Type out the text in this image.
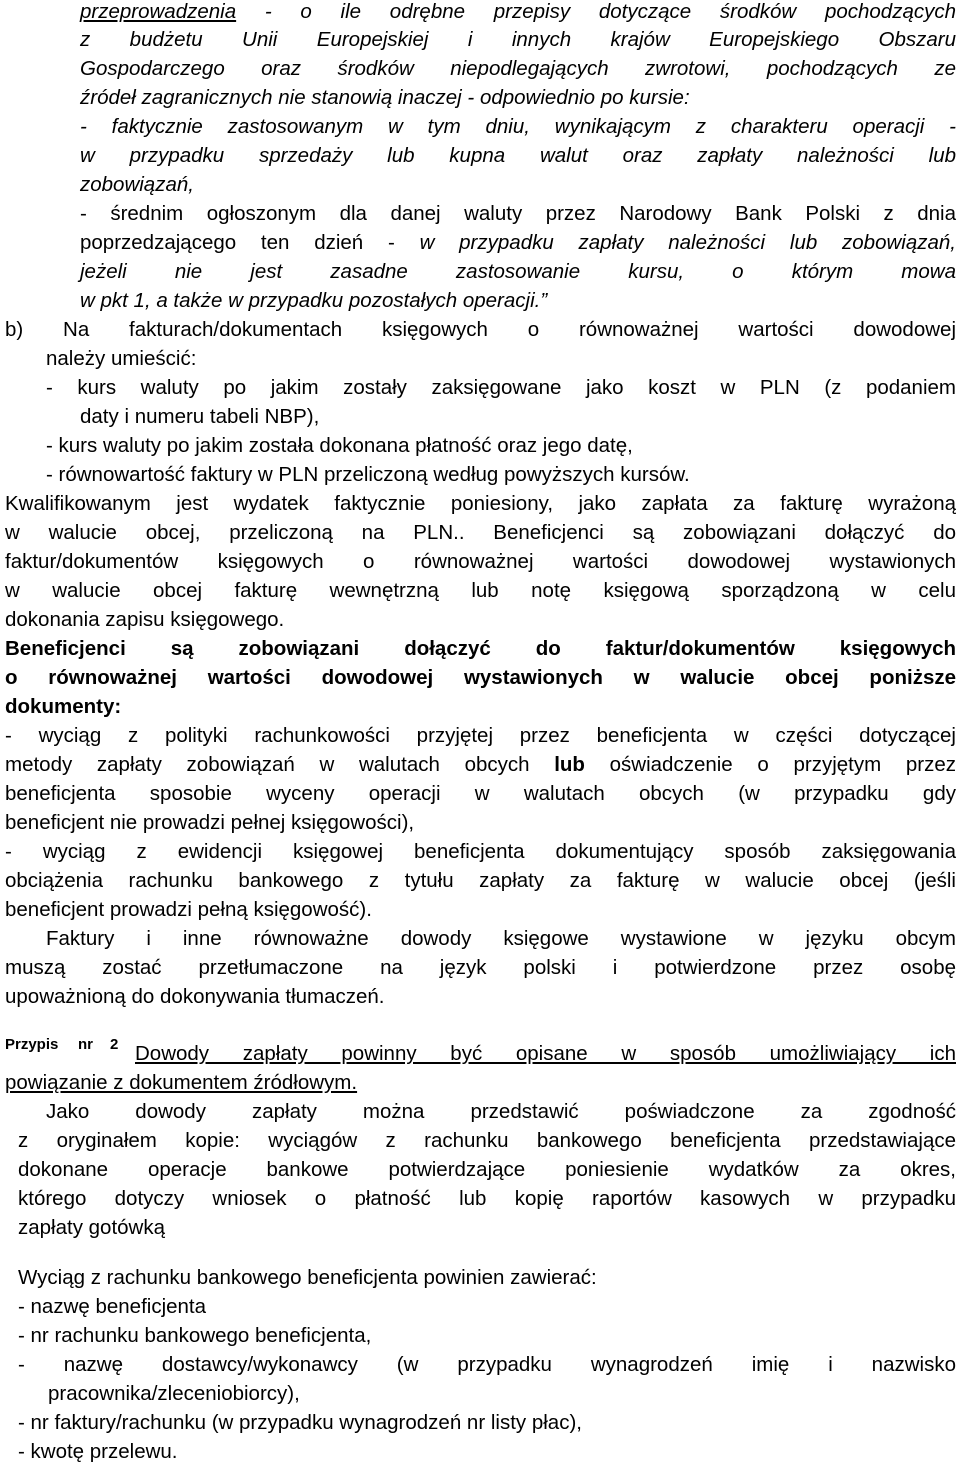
przeprowadzenia - o ile odrębne przepisy dotyczące środków pochodzących
z budżetu Unii Europejskiej i innych krajów Europejskiego Obszaru
Gospodarczego oraz środków niepodlegających zwrotowi, pochodzących ze
źródeł zagranicznych nie stanowią inaczej - odpowiednio po kursie:
- faktycznie zastosowanym w tym dniu, wynikającym z charakteru operacji -
w przypadku sprzedaży lub kupna walut oraz zapłaty należności lub
zobowiązań,
- średnim ogłoszonym dla danej waluty przez Narodowy Bank Polski z dnia
poprzedzającego ten dzień - w przypadku zapłaty należności lub zobowiązań,
jeżeli nie jest zasadne zastosowanie kursu, o którym mowa
w pkt 1, a także w przypadku pozostałych operacji.”
b) Na fakturach/dokumentach księgowych o równoważnej wartości dowodowej
należy umieścić:
- kurs waluty po jakim zostały zaksięgowane jako koszt w PLN (z podaniem
daty i numeru tabeli NBP),
- kurs waluty po jakim została dokonana płatność oraz jego datę,
- równowartość faktury w PLN przeliczoną według powyższych kursów.
Kwalifikowanym jest wydatek faktycznie poniesiony, jako zapłata za fakturę wyrażoną
w walucie obcej, przeliczoną na PLN.. Beneficjenci są zobowiązani dołączyć do
faktur/dokumentów księgowych o równoważnej wartości dowodowej wystawionych
w walucie obcej fakturę wewnętrzną lub notę księgową sporządzoną w celu
dokonania zapisu księgowego.
Beneficjenci są zobowiązani dołączyć do faktur/dokumentów księgowych
o równoważnej wartości dowodowej wystawionych w walucie obcej poniższe
dokumenty:
- wyciąg z polityki rachunkowości przyjętej przez beneficjenta w części dotyczącej
metody zapłaty zobowiązań w walutach obcych lub oświadczenie o przyjętym przez
beneficjenta sposobie wyceny operacji w walutach obcych (w przypadku gdy
beneficjent nie prowadzi pełnej księgowości),
- wyciąg z ewidencji księgowej beneficjenta dokumentujący sposób zaksięgowania
obciążenia rachunku bankowego z tytułu zapłaty za fakturę w walucie obcej (jeśli
beneficjent prowadzi pełną księgowość).
Faktury i inne równoważne dowody księgowe wystawione w języku obcym
muszą zostać przetłumaczone na język polski i potwierdzone przez osobę
upoważnioną do dokonywania tłumaczeń.
Przypis nr 2 Dowody zapłaty powinny być opisane w sposób umożliwiający ich
powiązanie z dokumentem źródłowym.
Jako dowody zapłaty można przedstawić poświadczone za zgodność
z oryginałem kopie: wyciągów z rachunku bankowego beneficjenta przedstawiające
dokonane operacje bankowe potwierdzające poniesienie wydatków za okres,
którego dotyczy wniosek o płatność lub kopię raportów kasowych w przypadku
zapłaty gotówką
Wyciąg z rachunku bankowego beneficjenta powinien zawierać:
- nazwę beneficjenta
- nr rachunku bankowego beneficjenta,
- nazwę dostawcy/wykonawcy (w przypadku wynagrodzeń imię i nazwisko
pracownika/zleceniobiorcy),
- nr faktury/rachunku (w przypadku wynagrodzeń nr listy płac),
- kwotę przelewu.
